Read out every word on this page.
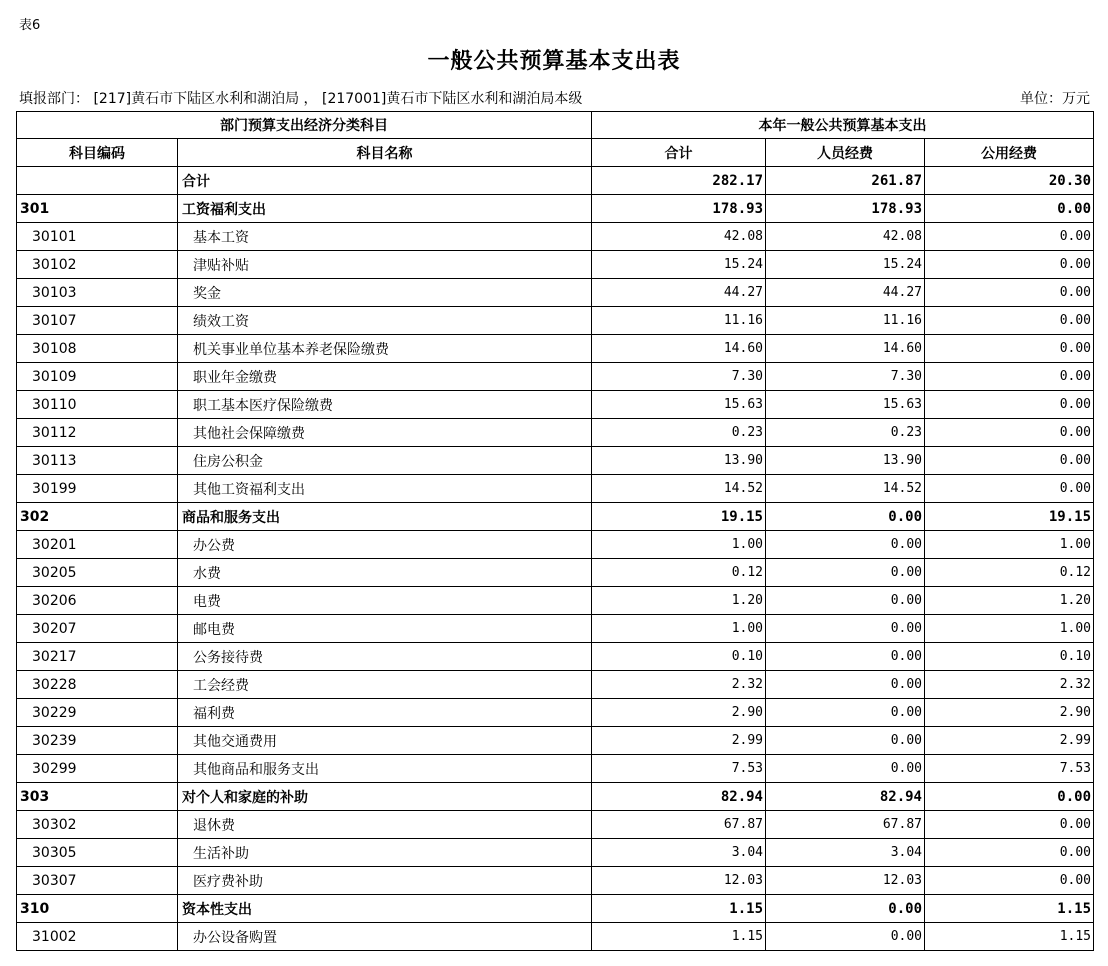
表6
一般公共预算基本支出表
填报部门： [217]黄石市下陆区水利和湖泊局 ， [217001]黄石市下陆区水利和湖泊局本级	单位：万元
部门预算支出经济分类科目		本年一般公共预算基本支出		
科目编码	科目名称	合计	人员经费	公用经费
	合计	282.17	261.87	20.30
301	工资福利支出	178.93	178.93	0.00
30101	基本工资	42.08	42.08	0.00
30102	津贴补贴	15.24	15.24	0.00
30103	奖金	44.27	44.27	0.00
30107	绩效工资	11.16	11.16	0.00
30108	机关事业单位基本养老保险缴费	14.60	14.60	0.00
30109	职业年金缴费	7.30	7.30	0.00
30110	职工基本医疗保险缴费	15.63	15.63	0.00
30112	其他社会保障缴费	0.23	0.23	0.00
30113	住房公积金	13.90	13.90	0.00
30199	其他工资福利支出	14.52	14.52	0.00
302	商品和服务支出	19.15	0.00	19.15
30201	办公费	1.00	0.00	1.00
30205	水费	0.12	0.00	0.12
30206	电费	1.20	0.00	1.20
30207	邮电费	1.00	0.00	1.00
30217	公务接待费	0.10	0.00	0.10
30228	工会经费	2.32	0.00	2.32
30229	福利费	2.90	0.00	2.90
30239	其他交通费用	2.99	0.00	2.99
30299	其他商品和服务支出	7.53	0.00	7.53
303	对个人和家庭的补助	82.94	82.94	0.00
30302	退休费	67.87	67.87	0.00
30305	生活补助	3.04	3.04	0.00
30307	医疗费补助	12.03	12.03	0.00
310	资本性支出	1.15	0.00	1.15
31002	办公设备购置	1.15	0.00	1.15
